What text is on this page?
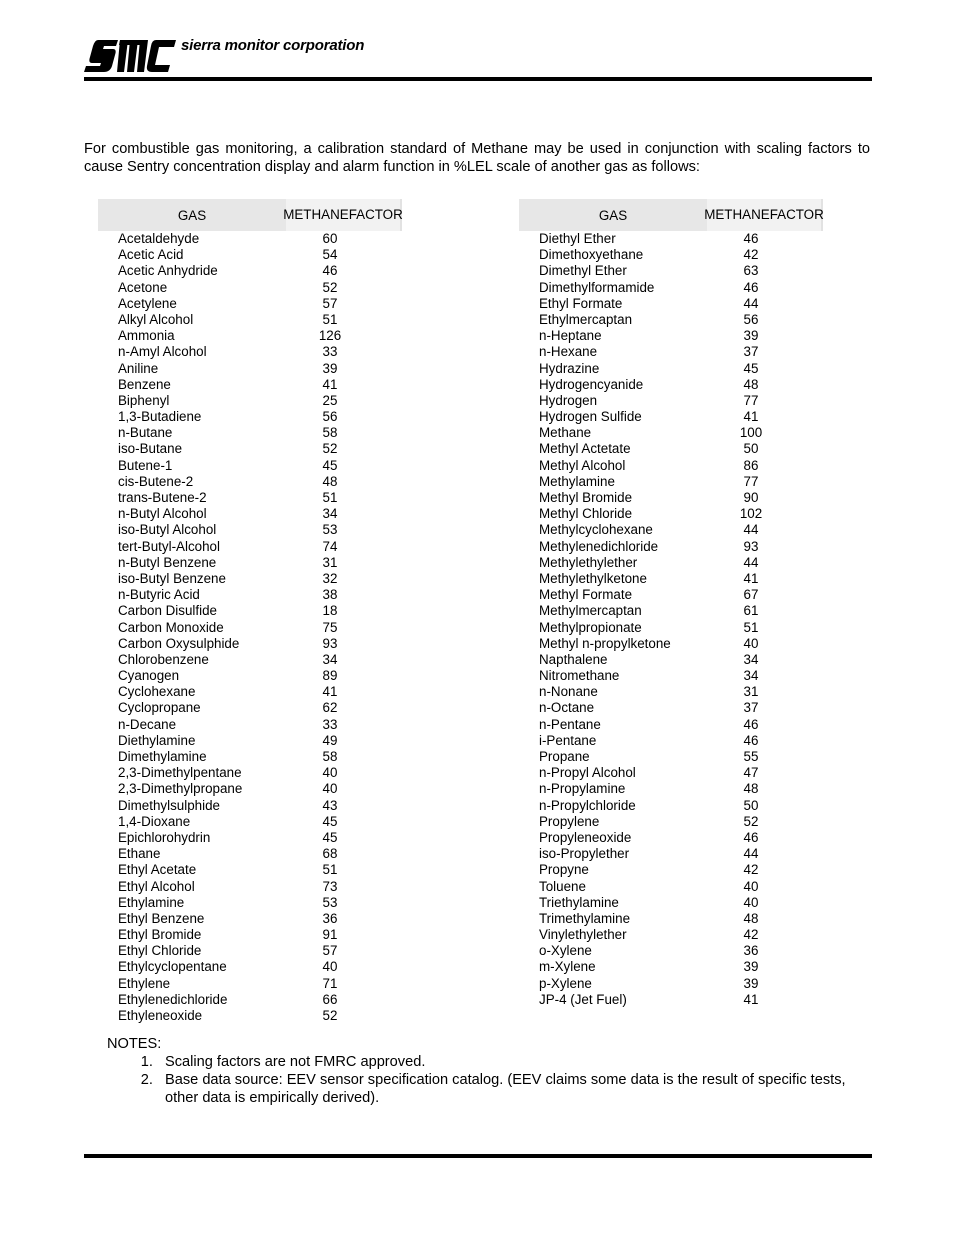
sierra monitor corporation

For combustible gas monitoring, a calibration standard of Methane may be used in conjunction with scaling factors to cause Sentry concentration display and alarm function in %LEL scale of another gas as follows:

GAS	METHANE FACTOR
Acetaldehyde	60
Acetic Acid	54
Acetic Anhydride	46
Acetone	52
Acetylene	57
Alkyl Alcohol	51
Ammonia	126
n-Amyl Alcohol	33
Aniline	39
Benzene	41
Biphenyl	25
1,3-Butadiene	56
n-Butane	58
iso-Butane	52
Butene-1	45
cis-Butene-2	48
trans-Butene-2	51
n-Butyl Alcohol	34
iso-Butyl Alcohol	53
tert-Butyl-Alcohol	74
n-Butyl Benzene	31
iso-Butyl Benzene	32
n-Butyric Acid	38
Carbon Disulfide	18
Carbon Monoxide	75
Carbon Oxysulphide	93
Chlorobenzene	34
Cyanogen	89
Cyclohexane	41
Cyclopropane	62
n-Decane	33
Diethylamine	49
Dimethylamine	58
2,3-Dimethylpentane	40
2,3-Dimethylpropane	40
Dimethylsulphide	43
1,4-Dioxane	45
Epichlorohydrin	45
Ethane	68
Ethyl Acetate	51
Ethyl Alcohol	73
Ethylamine	53
Ethyl Benzene	36
Ethyl Bromide	91
Ethyl Chloride	57
Ethylcyclopentane	40
Ethylene	71
Ethylenedichloride	66
Ethyleneoxide	52
GAS	METHANE FACTOR
Diethyl Ether	46
Dimethoxyethane	42
Dimethyl Ether	63
Dimethylformamide	46
Ethyl Formate	44
Ethylmercaptan	56
n-Heptane	39
n-Hexane	37
Hydrazine	45
Hydrogencyanide	48
Hydrogen	77
Hydrogen Sulfide	41
Methane	100
Methyl Actetate	50
Methyl Alcohol	86
Methylamine	77
Methyl Bromide	90
Methyl Chloride	102
Methylcyclohexane	44
Methylenedichloride	93
Methylethylether	44
Methylethylketone	41
Methyl Formate	67
Methylmercaptan	61
Methylpropionate	51
Methyl n-propylketone	40
Napthalene	34
Nitromethane	34
n-Nonane	31
n-Octane	37
n-Pentane	46
i-Pentane	46
Propane	55
n-Propyl Alcohol	47
n-Propylamine	48
n-Propylchloride	50
Propylene	52
Propyleneoxide	46
iso-Propylether	44
Propyne	42
Toluene	40
Triethylamine	40
Trimethylamine	48
Vinylethylether	42
o-Xylene	36
m-Xylene	39
p-Xylene	39
JP-4 (Jet Fuel)	41

NOTES:

1. Scaling factors are not FMRC approved.
2. Base data source: EEV sensor specification catalog. (EEV claims some data is the result of specific tests, other data is empirically derived).
